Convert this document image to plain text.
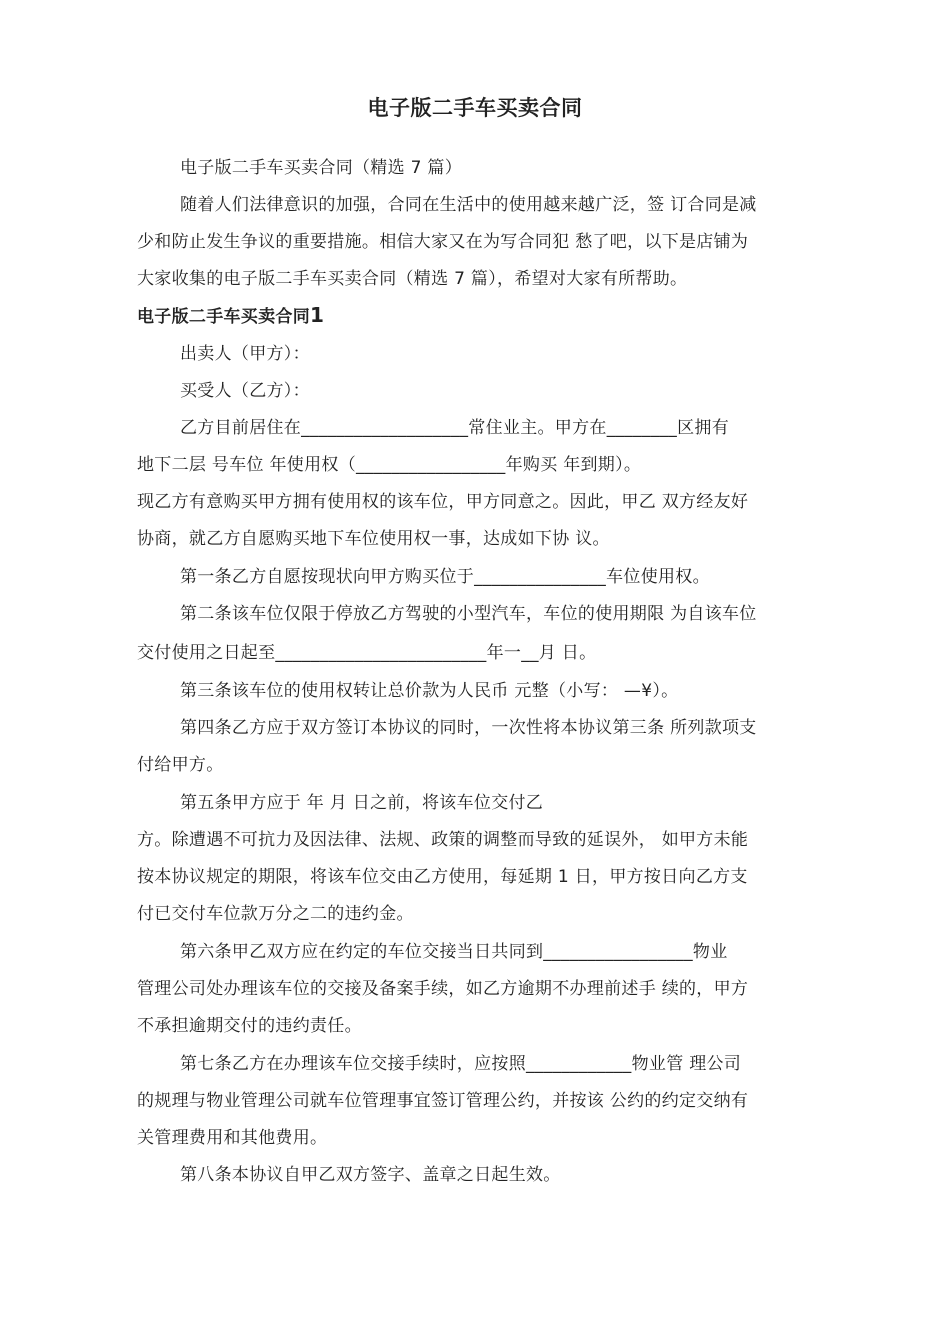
电子版二手车买卖合同
电子版二手车买卖合同（精选 7 篇）
随着人们法律意识的加强，合同在生活中的使用越来越广泛，签 订合同是减
少和防止发生争议的重要措施。相信大家又在为写合同犯 愁了吧，以下是店铺为
大家收集的电子版二手车买卖合同（精选 7 篇），希望对大家有所帮助。
电子版二手车买卖合同1
出卖人（甲方）：
买受人（乙方）：
乙方目前居住在___________________常住业主。甲方在________区拥有
地下二层 号车位 年使用权（_________________年购买 年到期）。
现乙方有意购买甲方拥有使用权的该车位，甲方同意之。因此，甲乙 双方经友好
协商，就乙方自愿购买地下车位使用权一事，达成如下协 议。
第一条乙方自愿按现状向甲方购买位于_______________车位使用权。
第二条该车位仅限于停放乙方驾驶的小型汽车，车位的使用期限 为自该车位
交付使用之日起至________________________年一__月 日。
第三条该车位的使用权转让总价款为人民币 元整（小写： —¥）。
第四条乙方应于双方签订本协议的同时，一次性将本协议第三条 所列款项支
付给甲方。
第五条甲方应于 年 月 日之前，将该车位交付乙
方。除遭遇不可抗力及因法律、法规、政策的调整而导致的延误外， 如甲方未能
按本协议规定的期限，将该车位交由乙方使用，每延期 1 日，甲方按日向乙方支
付已交付车位款万分之二的违约金。
第六条甲乙双方应在约定的车位交接当日共同到_________________物业
管理公司处办理该车位的交接及备案手续，如乙方逾期不办理前述手 续的，甲方
不承担逾期交付的违约责任。
第七条乙方在办理该车位交接手续时，应按照____________物业管 理公司
的规理与物业管理公司就车位管理事宜签订管理公约，并按该 公约的约定交纳有
关管理费用和其他费用。
第八条本协议自甲乙双方签字、盖章之日起生效。
